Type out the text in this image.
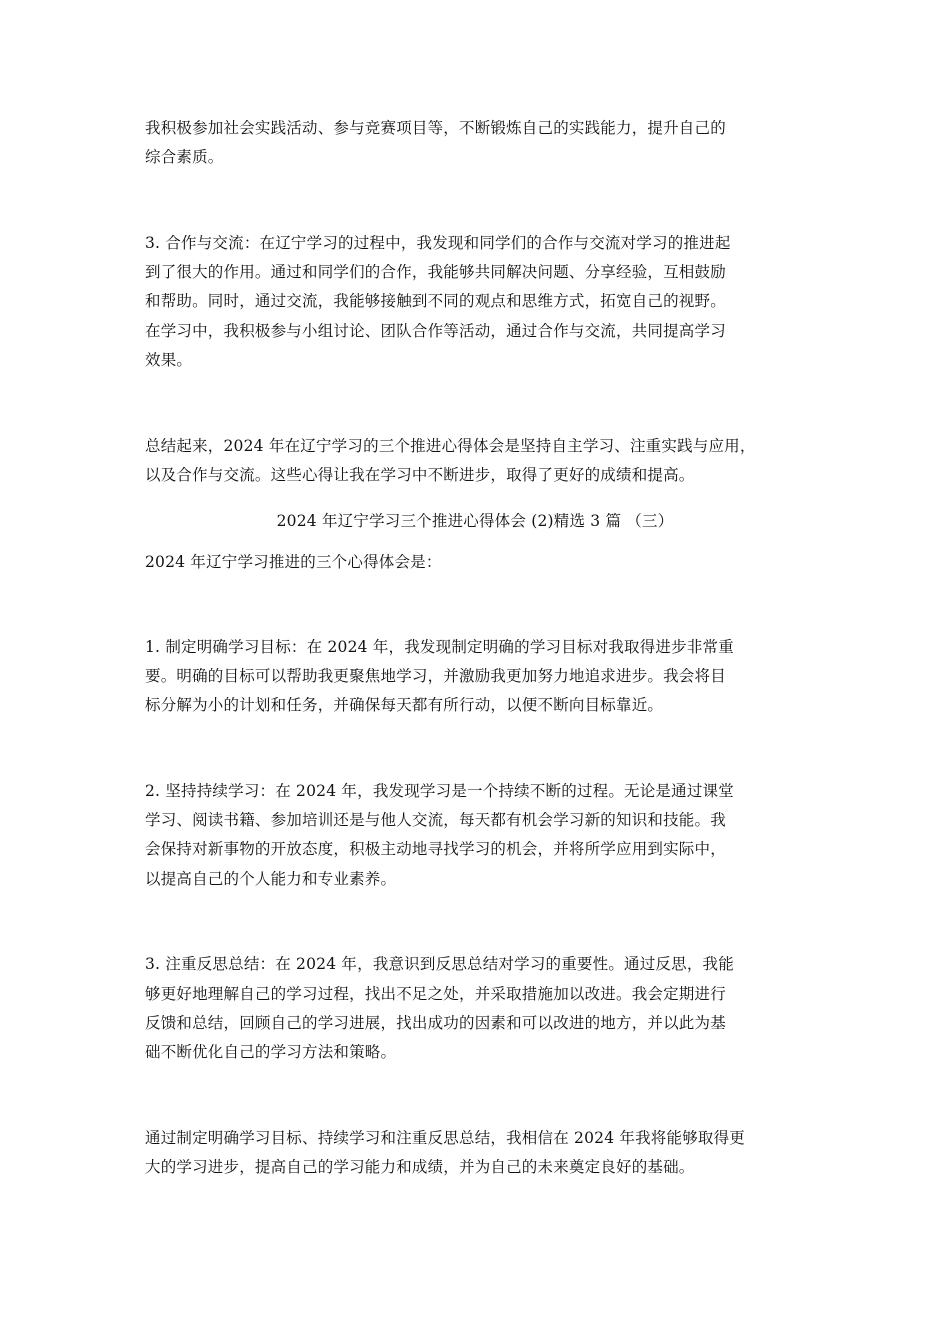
我积极参加社会实践活动、参与竞赛项目等，不断锻炼自己的实践能力，提升自己的
综合素质。
3. 合作与交流：在辽宁学习的过程中，我发现和同学们的合作与交流对学习的推进起
到了很大的作用。通过和同学们的合作，我能够共同解决问题、分享经验，互相鼓励
和帮助。同时，通过交流，我能够接触到不同的观点和思维方式，拓宽自己的视野。
在学习中，我积极参与小组讨论、团队合作等活动，通过合作与交流，共同提高学习
效果。
总结起来，2024 年在辽宁学习的三个推进心得体会是坚持自主学习、注重实践与应用，
以及合作与交流。这些心得让我在学习中不断进步，取得了更好的成绩和提高。
2024 年辽宁学习三个推进心得体会 (2)精选 3 篇 （三）
2024 年辽宁学习推进的三个心得体会是：
1. 制定明确学习目标：在 2024 年，我发现制定明确的学习目标对我取得进步非常重
要。明确的目标可以帮助我更聚焦地学习，并激励我更加努力地追求进步。我会将目
标分解为小的计划和任务，并确保每天都有所行动，以便不断向目标靠近。
2. 坚持持续学习：在 2024 年，我发现学习是一个持续不断的过程。无论是通过课堂
学习、阅读书籍、参加培训还是与他人交流，每天都有机会学习新的知识和技能。我
会保持对新事物的开放态度，积极主动地寻找学习的机会，并将所学应用到实际中，
以提高自己的个人能力和专业素养。
3. 注重反思总结：在 2024 年，我意识到反思总结对学习的重要性。通过反思，我能
够更好地理解自己的学习过程，找出不足之处，并采取措施加以改进。我会定期进行
反馈和总结，回顾自己的学习进展，找出成功的因素和可以改进的地方，并以此为基
础不断优化自己的学习方法和策略。
通过制定明确学习目标、持续学习和注重反思总结，我相信在 2024 年我将能够取得更
大的学习进步，提高自己的学习能力和成绩，并为自己的未来奠定良好的基础。
